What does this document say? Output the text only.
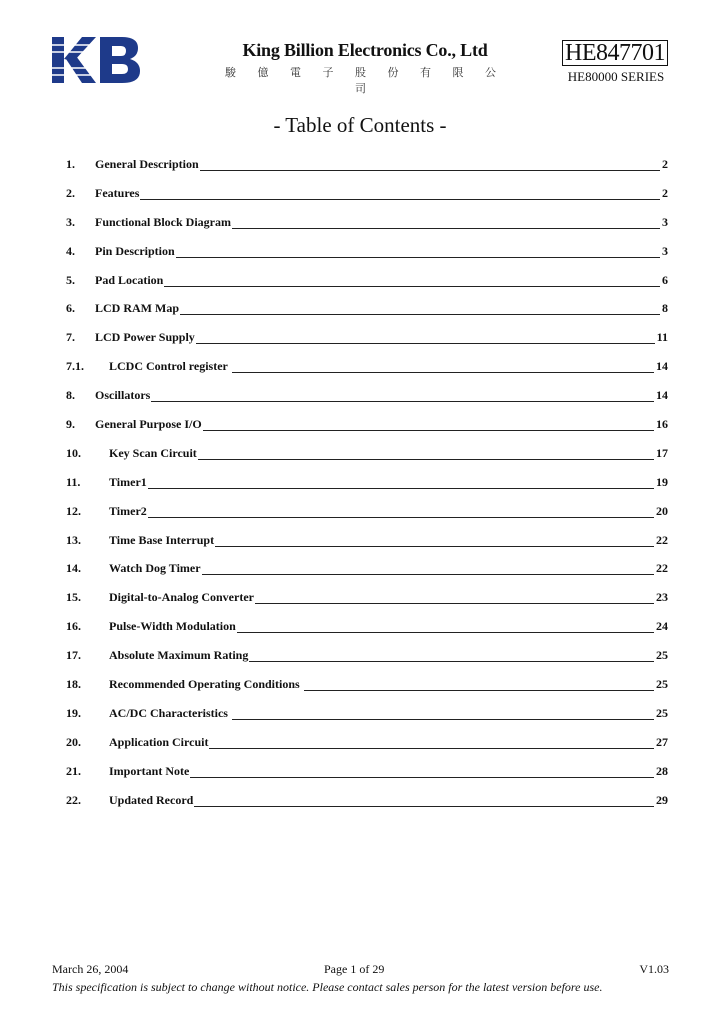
King Billion Electronics Co., Ltd
駿 億 電 子 股 份 有 限 公 司
HE847701
HE80000 SERIES
- Table of Contents -
1.	General Description	2
2.	Features	2
3.	Functional Block Diagram	3
4.	Pin Description	3
5.	Pad Location	6
6.	LCD RAM Map	8
7.	LCD Power Supply	11
7.1.	LCDC Control register	14
8.	Oscillators	14
9.	General Purpose I/O	16
10.	Key Scan Circuit	17
11.	Timer1	19
12.	Timer2	20
13.	Time Base Interrupt	22
14.	Watch Dog Timer	22
15.	Digital-to-Analog Converter	23
16.	Pulse-Width Modulation	24
17.	Absolute Maximum Rating	25
18.	Recommended Operating Conditions	25
19.	AC/DC Characteristics	25
20.	Application Circuit	27
21.	Important Note	28
22.	Updated Record	29
March 26, 2004	Page 1 of 29	V1.03
This specification is subject to change without notice. Please contact sales person for the latest version before use.
